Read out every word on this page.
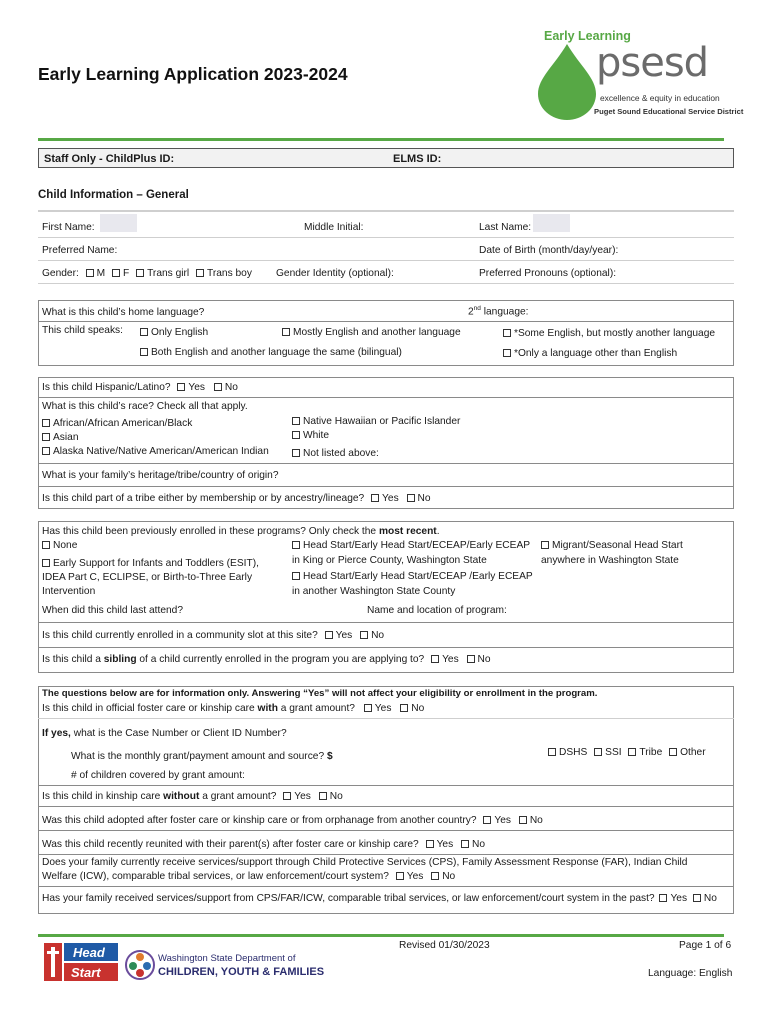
Early Learning Application 2023-2024
Early Learning
psesd
excellence & equity in education
Puget Sound Educational Service District
Staff Only - ChildPlus ID:	ELMS ID:
Child Information – General
First Name:	Middle Initial:	Last Name:
Preferred Name:	Date of Birth (month/day/year):
Gender: M F Trans girl Trans boy Gender Identity (optional):	Preferred Pronouns (optional):
What is this child’s home language?	2nd language:
This child speaks:	Only English	Mostly English and another language	*Some English, but mostly another language
Both English and another language the same (bilingual)	*Only a language other than English
Is this child Hispanic/Latino? Yes No
What is this child’s race? Check all that apply.
African/African American/Black
Asian
Alaska Native/Native American/American Indian
Native Hawaiian or Pacific Islander
White
Not listed above:
What is your family’s heritage/tribe/country of origin?
Is this child part of a tribe either by membership or by ancestry/lineage? Yes No
Has this child been previously enrolled in these programs? Only check the most recent.
None
Early Support for Infants and Toddlers (ESIT),
IDEA Part C, ECLIPSE, or Birth-to-Three Early
Intervention
Head Start/Early Head Start/ECEAP/Early ECEAP
in King or Pierce County, Washington State
Head Start/Early Head Start/ECEAP /Early ECEAP
in another Washington State County
Migrant/Seasonal Head Start
anywhere in Washington State
When did this child last attend?	Name and location of program:
Is this child currently enrolled in a community slot at this site? Yes No
Is this child a sibling of a child currently enrolled in the program you are applying to? Yes No
The questions below are for information only. Answering “Yes” will not affect your eligibility or enrollment in the program.
Is this child in official foster care or kinship care with a grant amount? Yes No
If yes, what is the Case Number or Client ID Number?
What is the monthly grant/payment amount and source? $	DSHS SSI Tribe Other
# of children covered by grant amount:
Is this child in kinship care without a grant amount? Yes No
Was this child adopted after foster care or kinship care or from orphanage from another country? Yes No
Was this child recently reunited with their parent(s) after foster care or kinship care? Yes No
Does your family currently receive services/support through Child Protective Services (CPS), Family Assessment Response (FAR), Indian Child
Welfare (ICW), comparable tribal services, or law enforcement/court system? Yes No
Has your family received services/support from CPS/FAR/ICW, comparable tribal services, or law enforcement/court system in the past? Yes No
Head
Start
Washington State Department of
CHILDREN, YOUTH & FAMILIES
Revised 01/30/2023	Page 1 of 6
Language: English
